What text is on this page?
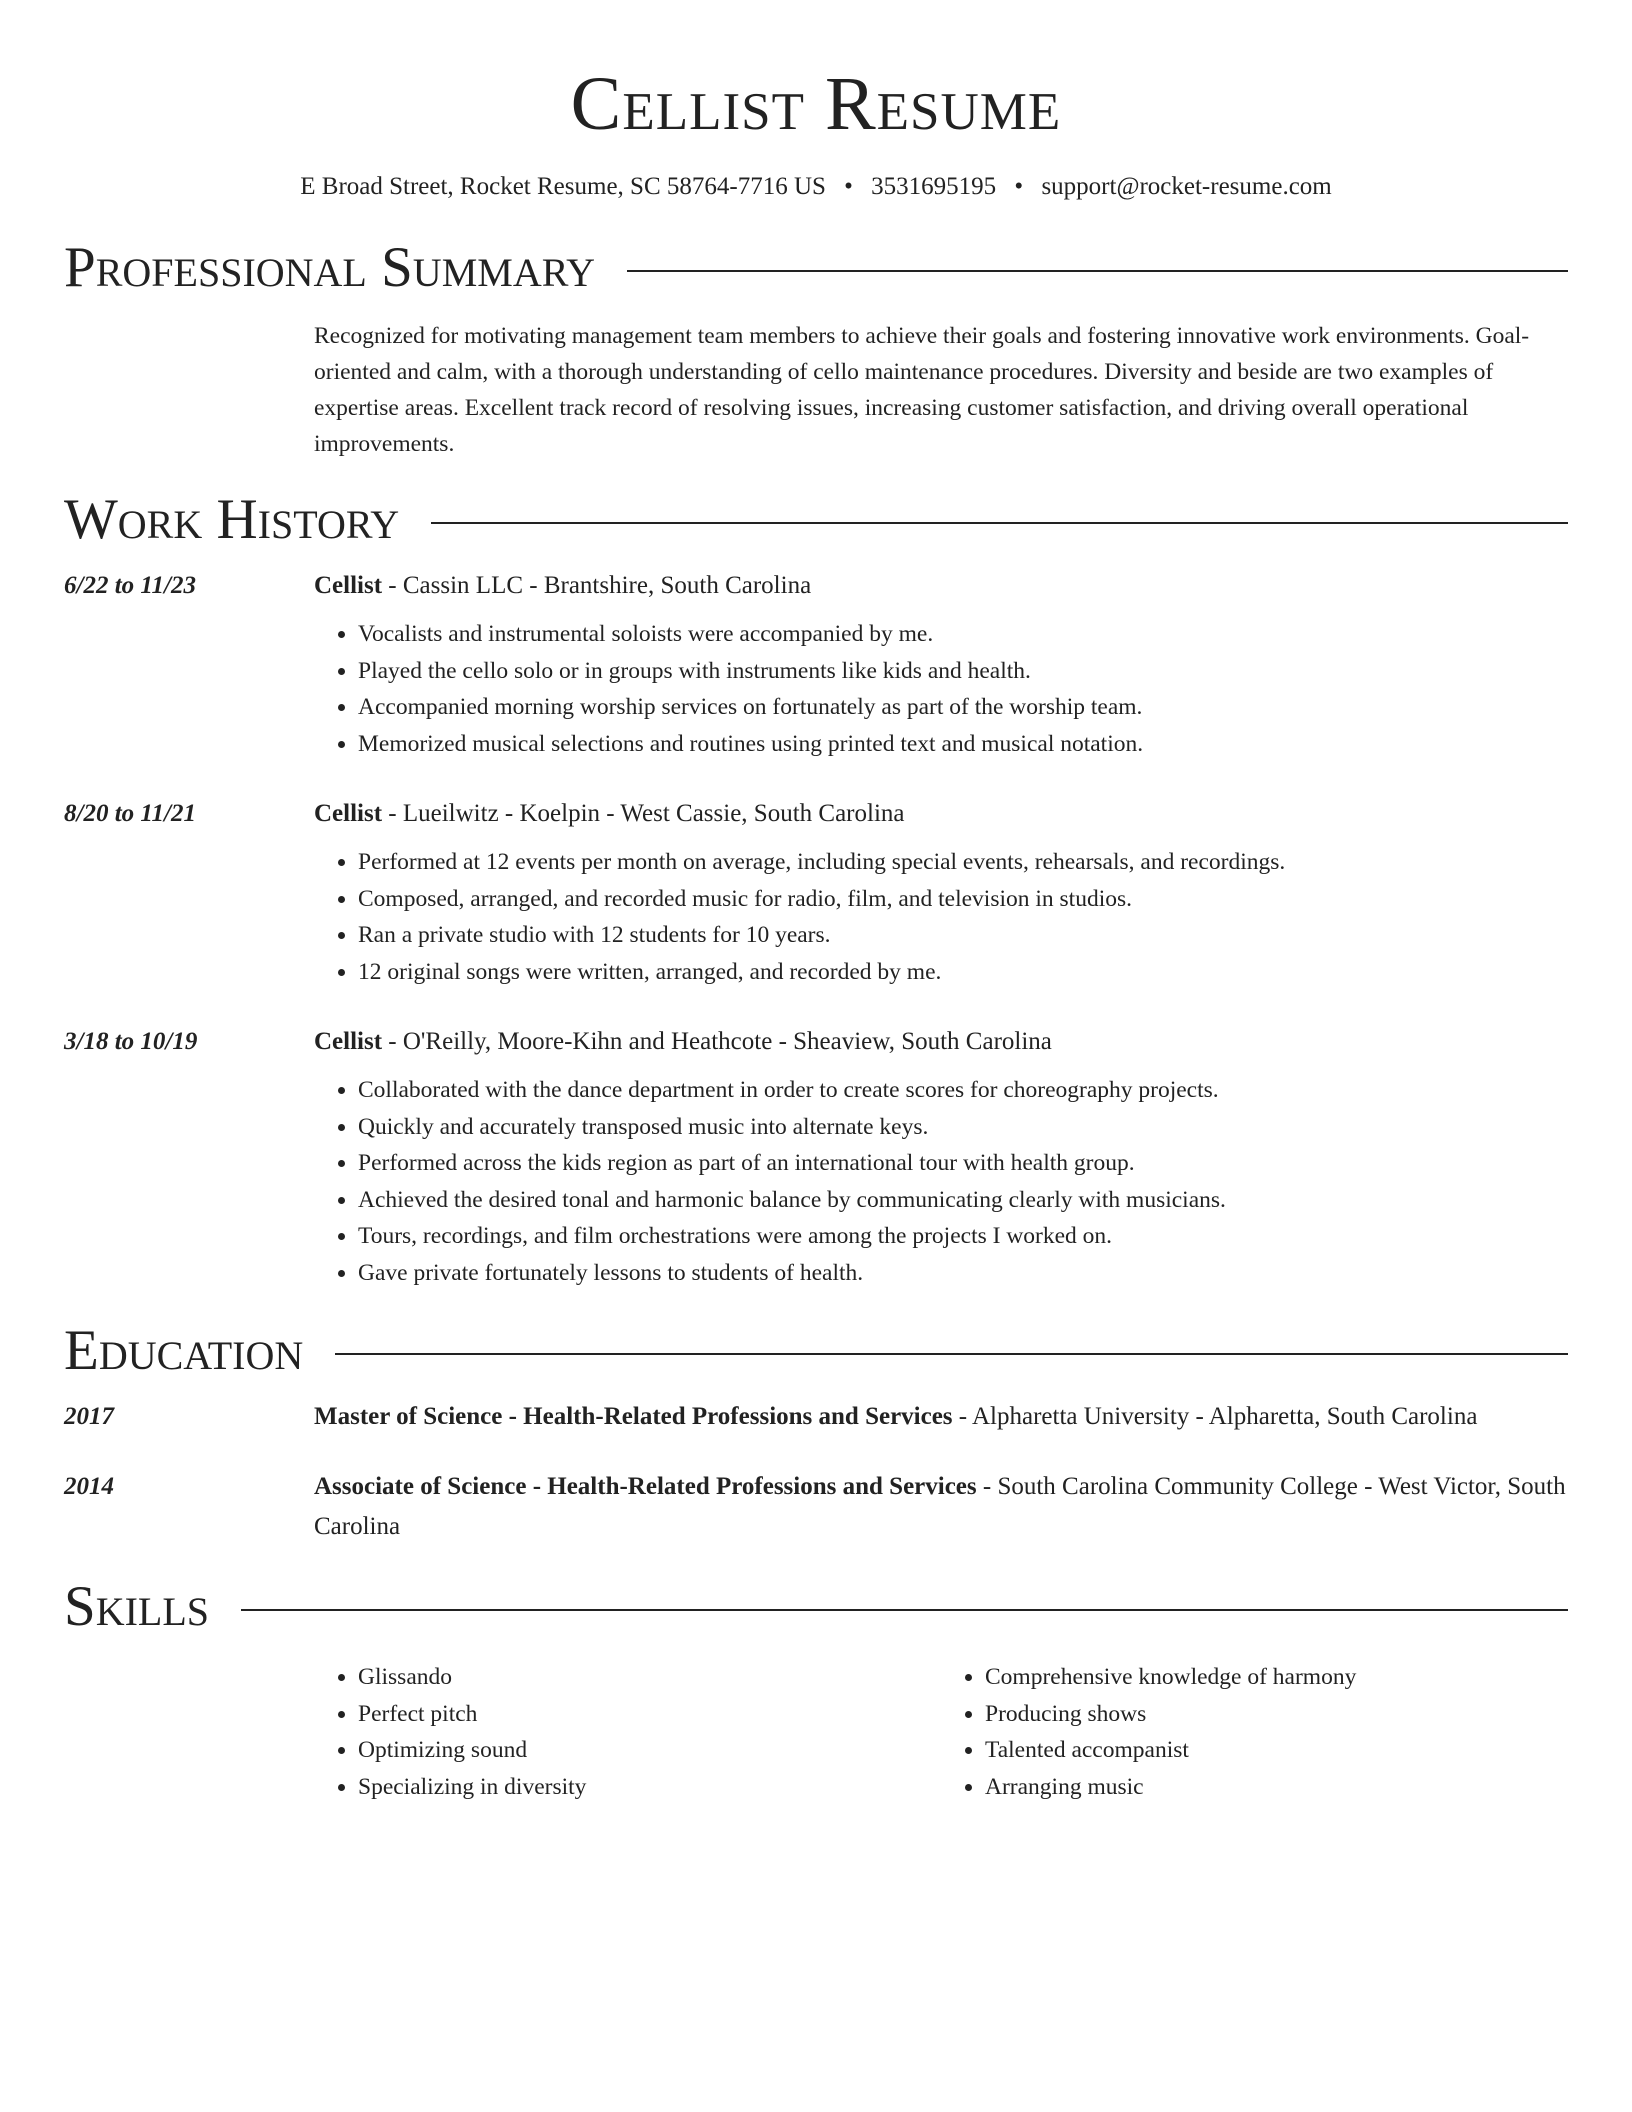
Cellist Resume
E Broad Street, Rocket Resume, SC 58764-7716 US • 3531695195 • support@rocket-resume.com
Professional Summary
Recognized for motivating management team members to achieve their goals and fostering innovative work environments. Goal-oriented and calm, with a thorough understanding of cello maintenance procedures. Diversity and beside are two examples of expertise areas. Excellent track record of resolving issues, increasing customer satisfaction, and driving overall operational improvements.
Work History
6/22 to 11/23	Cellist - Cassin LLC - Brantshire, South Carolina
• Vocalists and instrumental soloists were accompanied by me.
• Played the cello solo or in groups with instruments like kids and health.
• Accompanied morning worship services on fortunately as part of the worship team.
• Memorized musical selections and routines using printed text and musical notation.
8/20 to 11/21	Cellist - Lueilwitz - Koelpin - West Cassie, South Carolina
• Performed at 12 events per month on average, including special events, rehearsals, and recordings.
• Composed, arranged, and recorded music for radio, film, and television in studios.
• Ran a private studio with 12 students for 10 years.
• 12 original songs were written, arranged, and recorded by me.
3/18 to 10/19	Cellist - O'Reilly, Moore-Kihn and Heathcote - Sheaview, South Carolina
• Collaborated with the dance department in order to create scores for choreography projects.
• Quickly and accurately transposed music into alternate keys.
• Performed across the kids region as part of an international tour with health group.
• Achieved the desired tonal and harmonic balance by communicating clearly with musicians.
• Tours, recordings, and film orchestrations were among the projects I worked on.
• Gave private fortunately lessons to students of health.
Education
2017	Master of Science - Health-Related Professions and Services - Alpharetta University - Alpharetta, South Carolina
2014	Associate of Science - Health-Related Professions and Services - South Carolina Community College - West Victor, South Carolina
Skills
• Glissando
• Perfect pitch
• Optimizing sound
• Specializing in diversity
• Comprehensive knowledge of harmony
• Producing shows
• Talented accompanist
• Arranging music
